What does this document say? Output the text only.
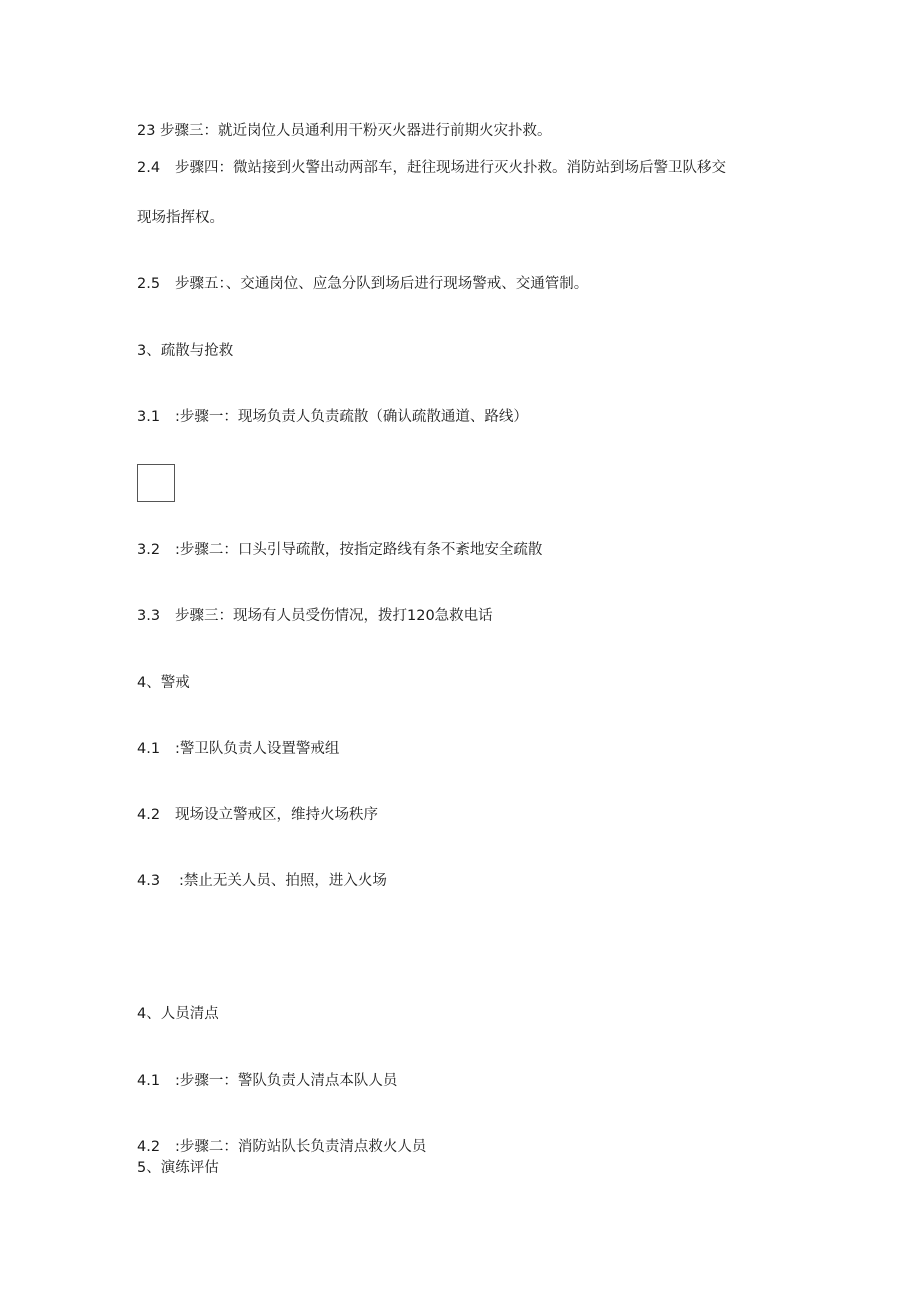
23 步骤三：就近岗位人员通利用干粉灭火器进行前期火灾扑救。
2.4 步骤四：微站接到火警出动两部车，赶往现场进行灭火扑救。消防站到场后警卫队移交
现场指挥权。
2.5 步骤五：、交通岗位、应急分队到场后进行现场警戒、交通管制。
3、疏散与抢救
3.1 :步骤一：现场负责人负责疏散（确认疏散通道、路线）
3.2 :步骤二：口头引导疏散，按指定路线有条不紊地安全疏散
3.3 步骤三：现场有人员受伤情况，拨打120急救电话
4、警戒
4.1 :警卫队负责人设置警戒组
4.2 现场设立警戒区，维持火场秩序
4.3 :禁止无关人员、拍照，进入火场
4、人员清点
4.1 :步骤一：警队负责人清点本队人员
4.2 :步骤二：消防站队长负责清点救火人员
5、演练评估
